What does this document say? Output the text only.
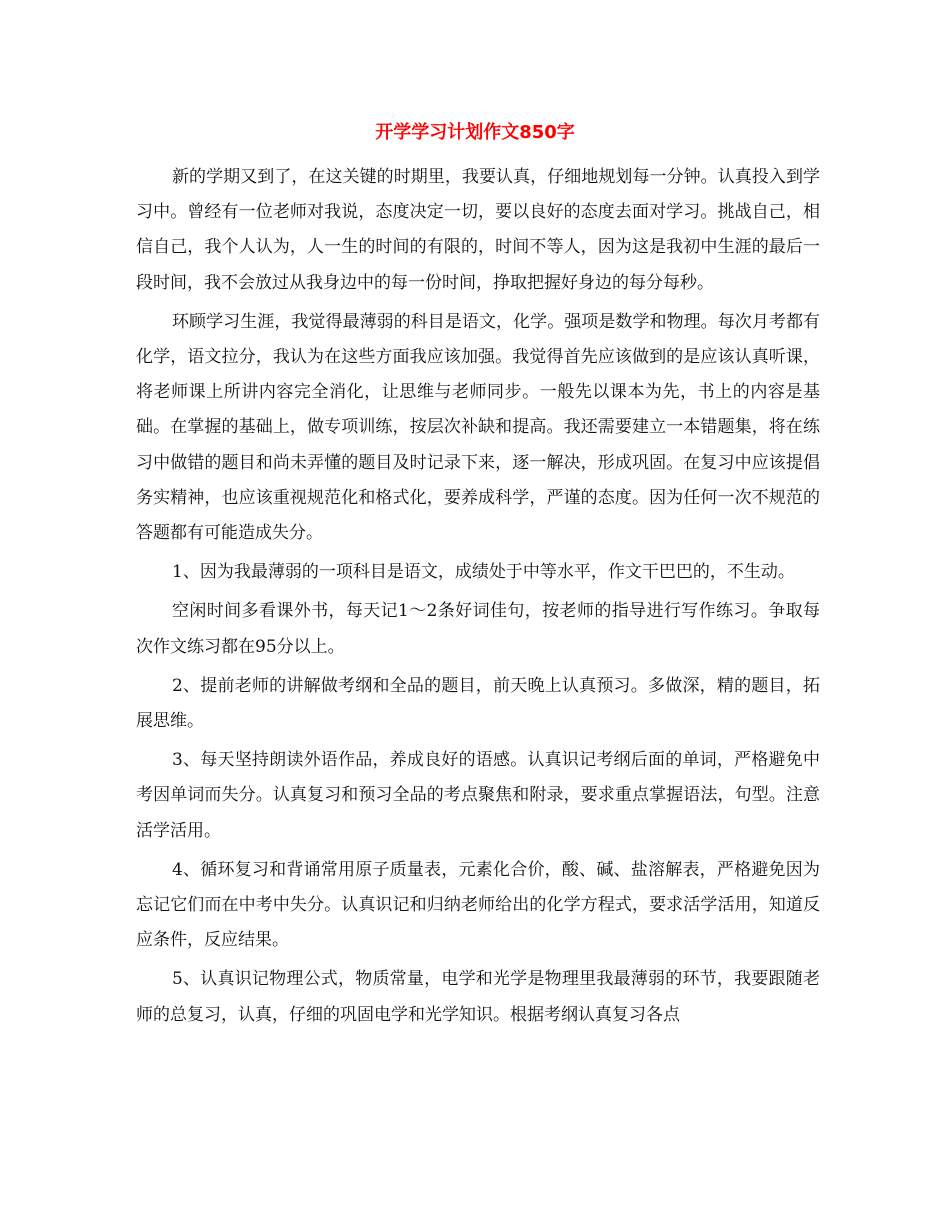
开学学习计划作文850字

新的学期又到了，在这关键的时期里，我要认真，仔细地规划每一分钟。认真投入到学习中。曾经有一位老师对我说，态度决定一切，要以良好的态度去面对学习。挑战自己，相信自己，我个人认为，人一生的时间的有限的，时间不等人，因为这是我初中生涯的最后一段时间，我不会放过从我身边中的每一份时间，挣取把握好身边的每分每秒。

环顾学习生涯，我觉得最薄弱的科目是语文，化学。强项是数学和物理。每次月考都有化学，语文拉分，我认为在这些方面我应该加强。我觉得首先应该做到的是应该认真听课，将老师课上所讲内容完全消化，让思维与老师同步。一般先以课本为先，书上的内容是基础。在掌握的基础上，做专项训练，按层次补缺和提高。我还需要建立一本错题集，将在练习中做错的题目和尚未弄懂的题目及时记录下来，逐一解决，形成巩固。在复习中应该提倡务实精神，也应该重视规范化和格式化，要养成科学，严谨的态度。因为任何一次不规范的答题都有可能造成失分。

1、因为我最薄弱的一项科目是语文，成绩处于中等水平，作文干巴巴的，不生动。

空闲时间多看课外书，每天记1～2条好词佳句，按老师的指导进行写作练习。争取每次作文练习都在95分以上。

2、提前老师的讲解做考纲和全品的题目，前天晚上认真预习。多做深，精的题目，拓展思维。

3、每天坚持朗读外语作品，养成良好的语感。认真识记考纲后面的单词，严格避免中考因单词而失分。认真复习和预习全品的考点聚焦和附录，要求重点掌握语法，句型。注意活学活用。

4、循环复习和背诵常用原子质量表，元素化合价，酸、碱、盐溶解表，严格避免因为忘记它们而在中考中失分。认真识记和归纳老师给出的化学方程式，要求活学活用，知道反应条件，反应结果。

5、认真识记物理公式，物质常量，电学和光学是物理里我最薄弱的环节，我要跟随老师的总复习，认真，仔细的巩固电学和光学知识。根据考纲认真复习各点
